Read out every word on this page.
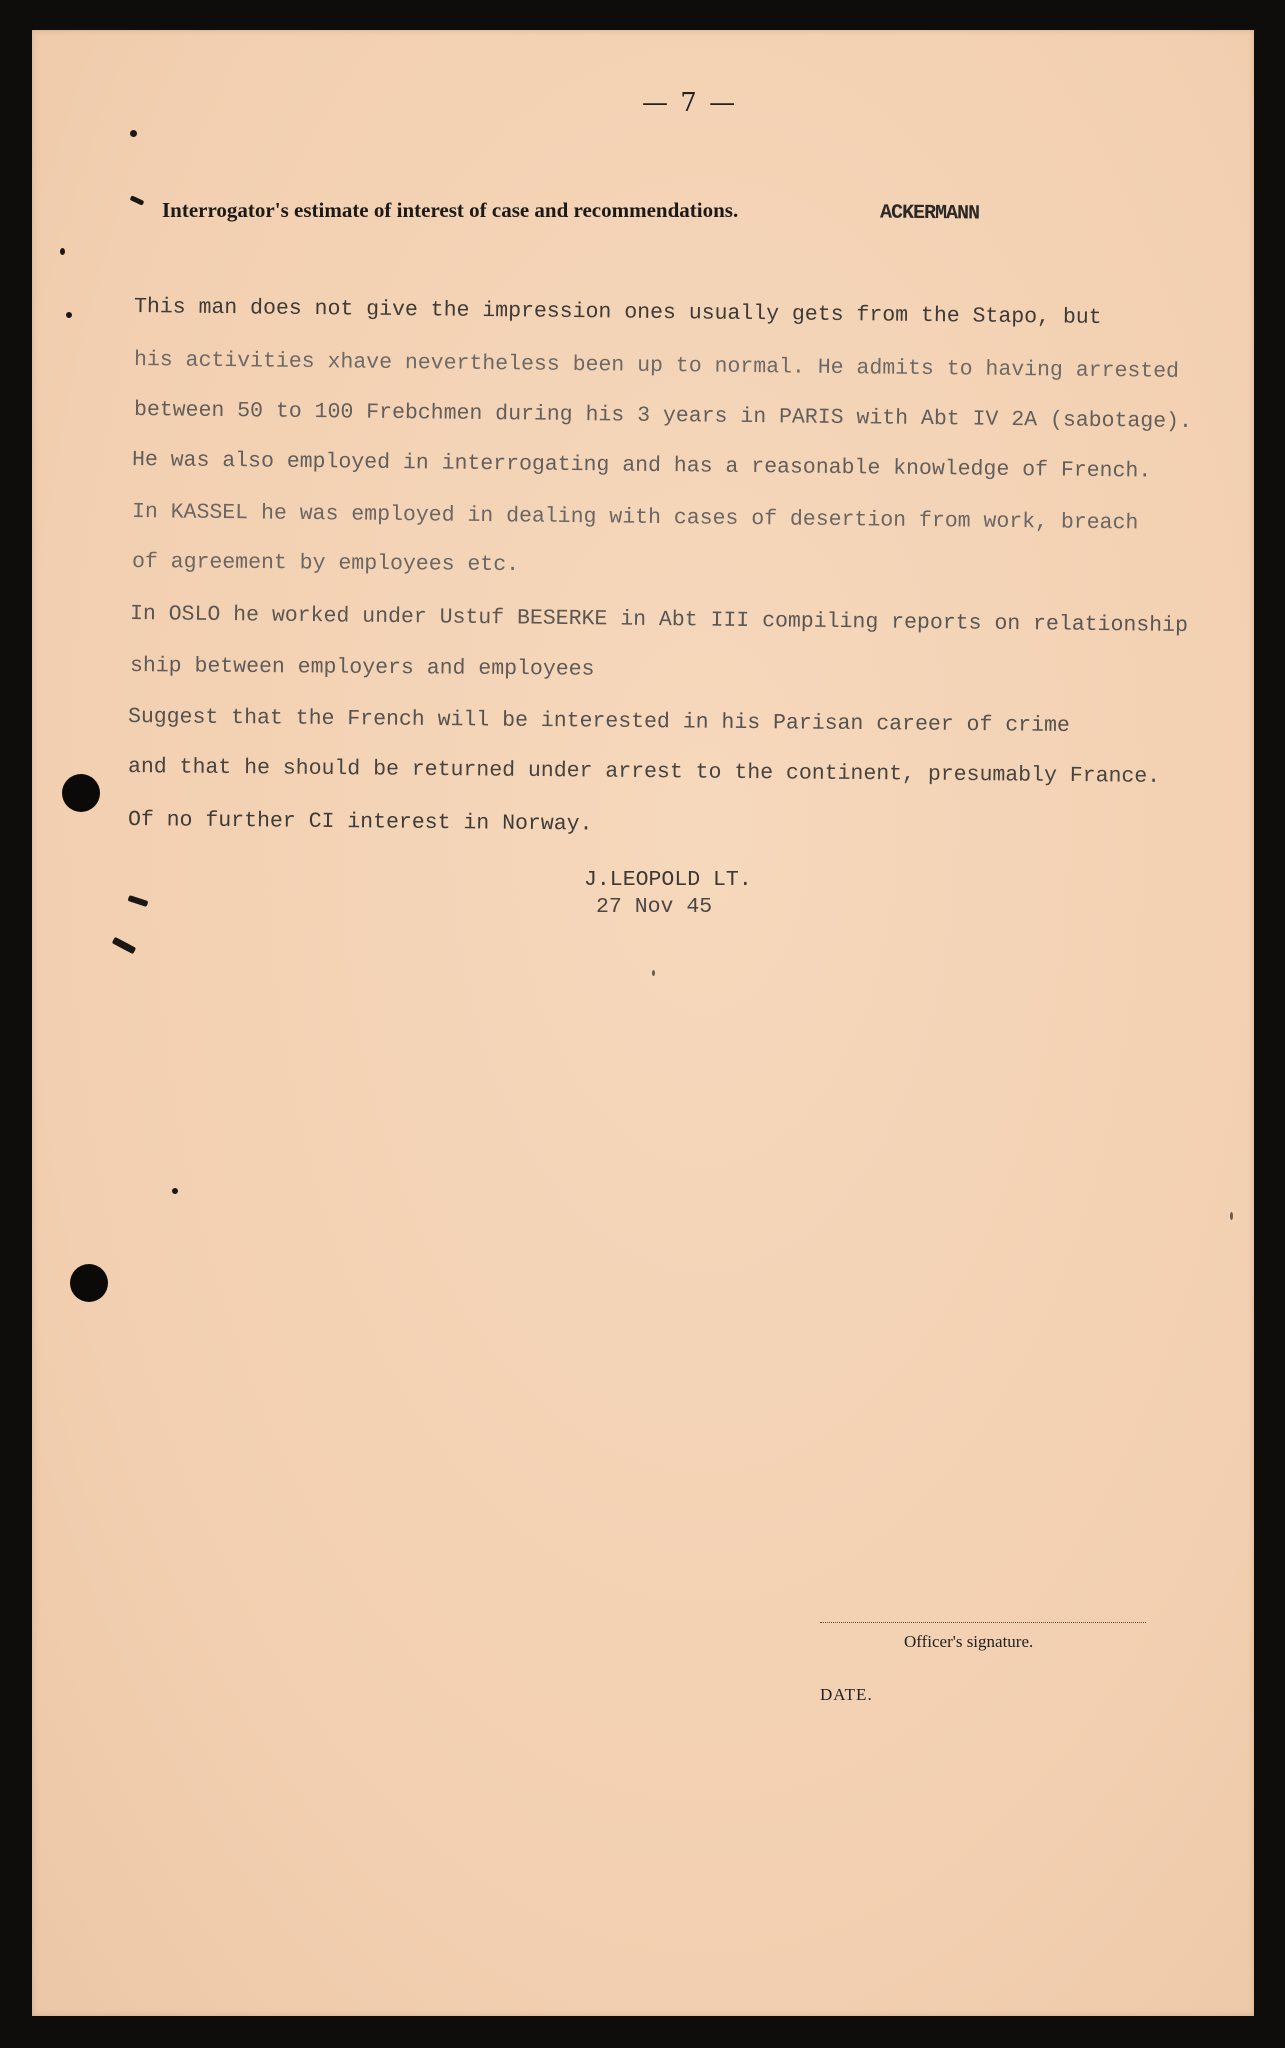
— 7 —
Interrogator's estimate of interest of case and recommendations.	ACKERMANN
This man does not give the impression ones usually gets from the Stapo, but
his activities xhave nevertheless been up to normal. He admits to having arrested
between 50 to 100 Frebchmen during his 3 years in PARIS with Abt IV 2A (sabotage).
He was also employed in interrogating and has a reasonable knowledge of French.
In KASSEL he was employed in dealing with cases of desertion from work, breach
of agreement by employees etc.
In OSLO he worked under Ustuf BESERKE in Abt III compiling reports on relationship
ship between employers and employees
Suggest that the French will be interested in his Parisan career of crime
and that he should be returned under arrest to the continent, presumably France.
Of no further CI interest in Norway.
J.LEOPOLD LT.
27 Nov 45
Officer's signature.
DATE.
